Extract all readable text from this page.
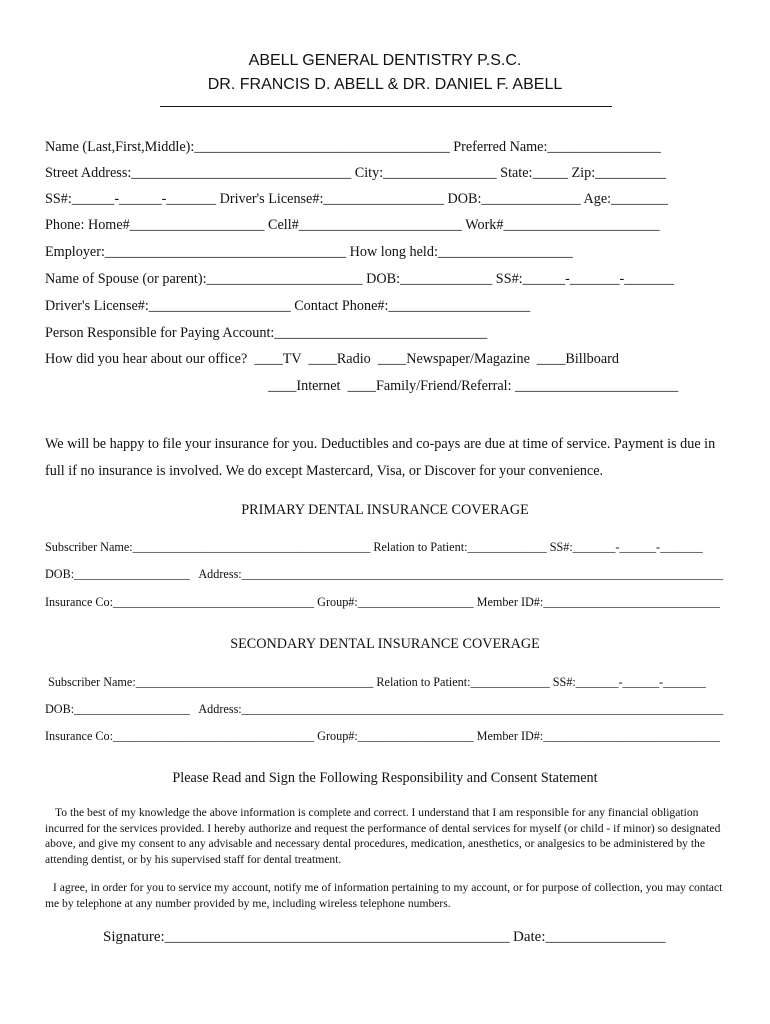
ABELL GENERAL DENTISTRY P.S.C.
DR. FRANCIS D. ABELL & DR. DANIEL F. ABELL
Name (Last,First,Middle):____________________________________ Preferred Name:________________
Street Address:_______________________________ City:________________ State:_____ Zip:__________
SS#:______-______-_______ Driver's License#:_________________ DOB:______________ Age:________
Phone: Home#___________________ Cell#_______________________ Work#______________________
Employer:__________________________________ How long held:___________________
Name of Spouse (or parent):______________________ DOB:_____________ SS#:______-_______-_______
Driver's License#:____________________ Contact Phone#:____________________
Person Responsible for Paying Account:______________________________
How did you hear about our office?  ____TV  ____Radio  ____Newspaper/Magazine  ____Billboard
____Internet  ____Family/Friend/Referral: _______________________
We will be happy to file your insurance for you. Deductibles and co-pays are due at time of service. Payment is due in full if no insurance is involved. We do except Mastercard, Visa, or Discover for your convenience.
PRIMARY DENTAL INSURANCE COVERAGE
Subscriber Name:_______________________________________ Relation to Patient:_____________ SS#:_______-______-_______
DOB:___________________   Address:_______________________________________________________________________________
Insurance Co:_________________________________ Group#:___________________ Member ID#:_____________________________
SECONDARY DENTAL INSURANCE COVERAGE
Subscriber Name:_______________________________________ Relation to Patient:_____________ SS#:_______-______-_______
DOB:___________________   Address:_______________________________________________________________________________
Insurance Co:_________________________________ Group#:___________________ Member ID#:_____________________________
Please Read and Sign the Following Responsibility and Consent Statement
To the best of my knowledge the above information is complete and correct. I understand that I am responsible for any financial obligation incurred for the services provided. I hereby authorize and request the performance of dental services for myself (or child - if minor) so designated above, and give my consent to any advisable and necessary dental procedures, medication, anesthetics, or analgesics to be administered by the attending dentist, or by his supervised staff for dental treatment.
I agree, in order for you to service my account, notify me of information pertaining to my account, or for purpose of collection, you may contact me by telephone at any number provided by me, including wireless telephone numbers.
Signature:______________________________________________ Date:________________
